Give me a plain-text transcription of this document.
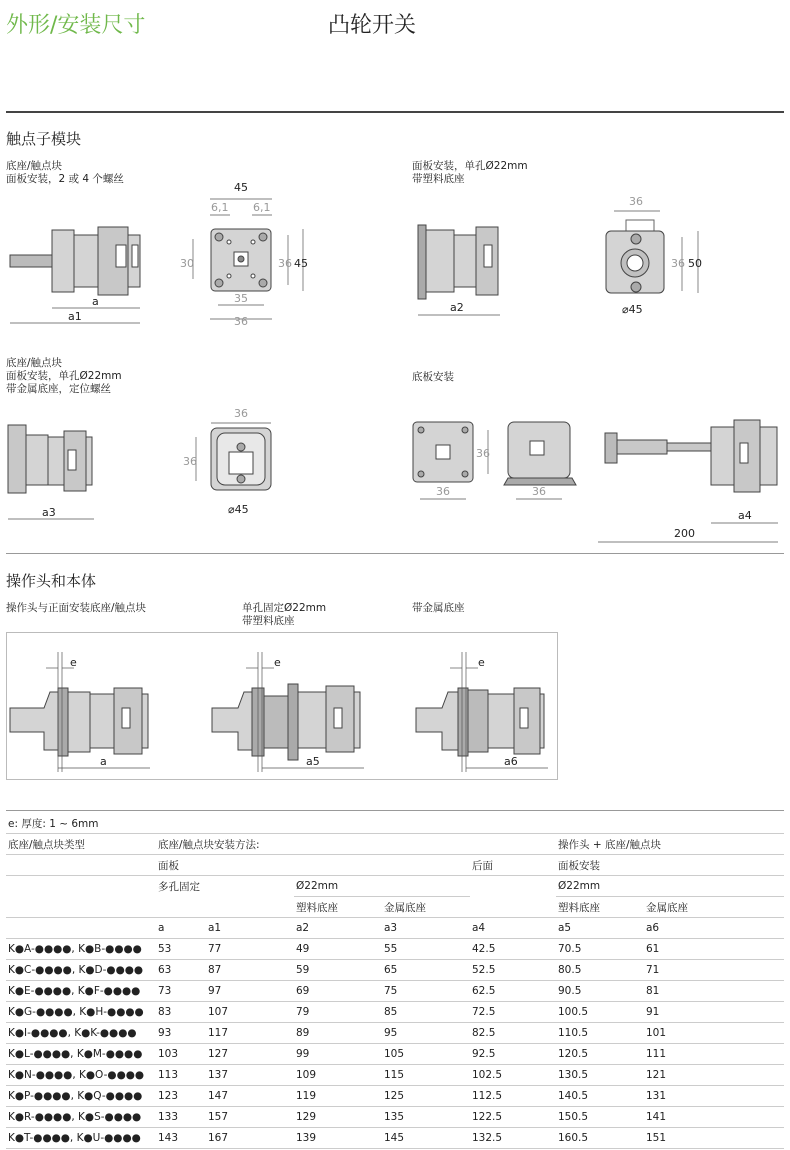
外形/安装尺寸	凸轮开关
触点子模块
底座/触点块
面板安装，2 或 4 个螺丝
面板安装，单孔Ø22mm
带塑料底座
底座/触点块
面板安装，单孔Ø22mm
带金属底座，定位螺丝
底板安装
a
a1
45
6,1 6,1
35
36
30	36 45
a2
36
36 50
⌀45
a3
36
36
⌀45
36
36	36
a4
200
操作头和本体
操作头与正面安装底座/触点块	单孔固定Ø22mm
带塑料底座
带金属底座
e
a
e
a5
e
a6
e: 厚度: 1 ~ 6mm							
底座/触点块类型	底座/触点块安装方法:					操作头 + 底座/触点块	
	面板				后面	面板安装	
	多孔固定		Ø22mm			Ø22mm	
			塑料底座	金属底座		塑料底座	金属底座
	a	a1	a2	a3	a4	a5	a6
K●A-●●●●, K●B-●●●●	53	77	49	55	42.5	70.5	61
K●C-●●●●, K●D-●●●●	63	87	59	65	52.5	80.5	71
K●E-●●●●, K●F-●●●●	73	97	69	75	62.5	90.5	81
K●G-●●●●, K●H-●●●●	83	107	79	85	72.5	100.5	91
K●I-●●●●, K●K-●●●●	93	117	89	95	82.5	110.5	101
K●L-●●●●, K●M-●●●●	103	127	99	105	92.5	120.5	111
K●N-●●●●, K●O-●●●●	113	137	109	115	102.5	130.5	121
K●P-●●●●, K●Q-●●●●	123	147	119	125	112.5	140.5	131
K●R-●●●●, K●S-●●●●	133	157	129	135	122.5	150.5	141
K●T-●●●●, K●U-●●●●	143	167	139	145	132.5	160.5	151
